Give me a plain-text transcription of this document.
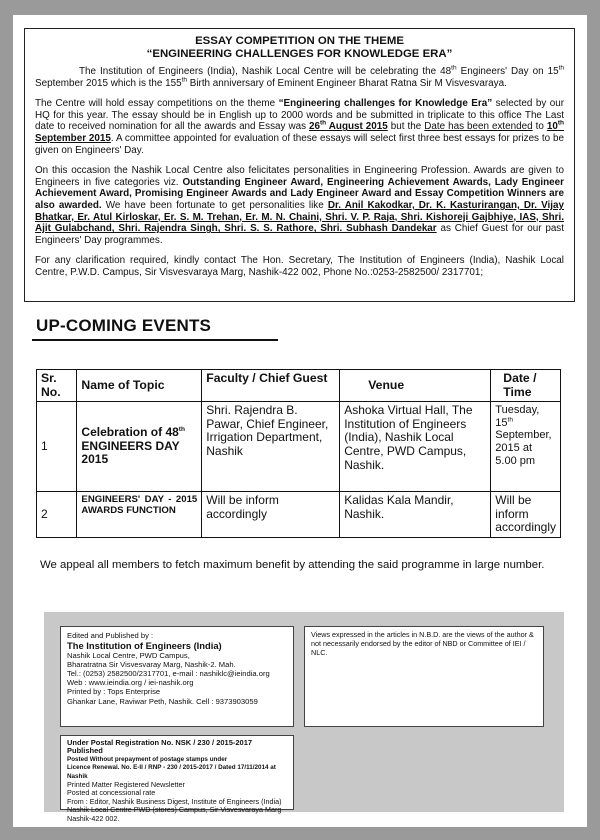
ESSAY COMPETITION ON THE THEME
“ENGINEERING CHALLENGES FOR KNOWLEDGE ERA”

The Institution of Engineers (India), Nashik Local Centre will be celebrating the 48th Engineers' Day on 15th September 2015 which is the 155th Birth anniversary of Eminent Engineer Bharat Ratna Sir M Visvesvaraya.

The Centre will hold essay competitions on the theme “Engineering challenges for Knowledge Era” selected by our HQ for this year. The essay should be in English up to 2000 words and be submitted in triplicate to this office The Last date to received nomination for all the awards and Essay was 26th August 2015 but the Date has been extended to 10th September 2015. A committee appointed for evaluation of these essays will select first three best essays for prizes to be given on Engineers' Day.

On this occasion the Nashik Local Centre also felicitates personalities in Engineering Profession. Awards are given to Engineers in five categories viz. Outstanding Engineer Award, Engineering Achievement Awards, Lady Engineer Achievement Award, Promising Engineer Awards and Lady Engineer Award and Essay Competition Winners are also awarded. We have been fortunate to get personalities like Dr. Anil Kakodkar, Dr. K. Kasturirangan, Dr. Vijay Bhatkar, Er. Atul Kirloskar, Er. S. M. Trehan, Er. M. N. Chaini, Shri. V. P. Raja, Shri. Kishoreji Gajbhiye, IAS, Shri. Ajit Gulabchand, Shri. Rajendra Singh, Shri. S. S. Rathore, Shri. Subhash Dandekar as Chief Guest for our past Engineers' Day programmes.

For any clarification required, kindly contact The Hon. Secretary, The Institution of Engineers (India), Nashik Local Centre, P.W.D. Campus, Sir Visvesvaraya Marg, Nashik-422 002, Phone No.:0253-2582500/ 2317701;

UP-COMING EVENTS
Sr. No.	Name of Topic	Faculty / Chief Guest	Venue	Date / Time
1	Celebration of 48th ENGINEERS DAY 2015	Shri. Rajendra B. Pawar, Chief Engineer, Irrigation Department, Nashik	Ashoka Virtual Hall, The Institution of Engineers (India), Nashik Local Centre, PWD Campus, Nashik.	Tuesday, 15th September, 2015 at 5.00 pm
2	ENGINEERS' DAY - 2015 AWARDS FUNCTION	Will be inform accordingly	Kalidas Kala Mandir, Nashik.	Will be inform accordingly
We appeal all members to fetch maximum benefit by attending the said programme in large number.
Edited and Published by :
The Institution of Engineers (India)
Nashik Local Centre, PWD Campus,
Bharatratna Sir Visvesvaray Marg, Nashik-2. Mah.
Tel.: (0253) 2582500/2317701, e-mail : nashiklc@ieindia.org
Web : www.ieindia.org / iei-nashik.org
Printed by : Tops Enterprise
Ghankar Lane, Raviwar Peth, Nashik. Cell : 9373903059
Views expressed in the articles in N.B.D. are the views of the author & not necessarily endorsed by the editor of NBD or Committee of IEI / NLC.
Under Postal Registration No. NSK / 230 / 2015-2017 Published
Posted Without prepayment of postage stamps under
Licence Renewal. No. E-II / RNP - 230 / 2015-2017 / Dated 17/11/2014 at Nashik
Printed Matter Registered Newsletter
Posted at concessional rate
From : Editor, Nashik Business Digest, Institute of Engineers (India) Nashik Local Centre PWD (stores) Campus, Sir Visvesvaraya Marg Nashik-422 002.
